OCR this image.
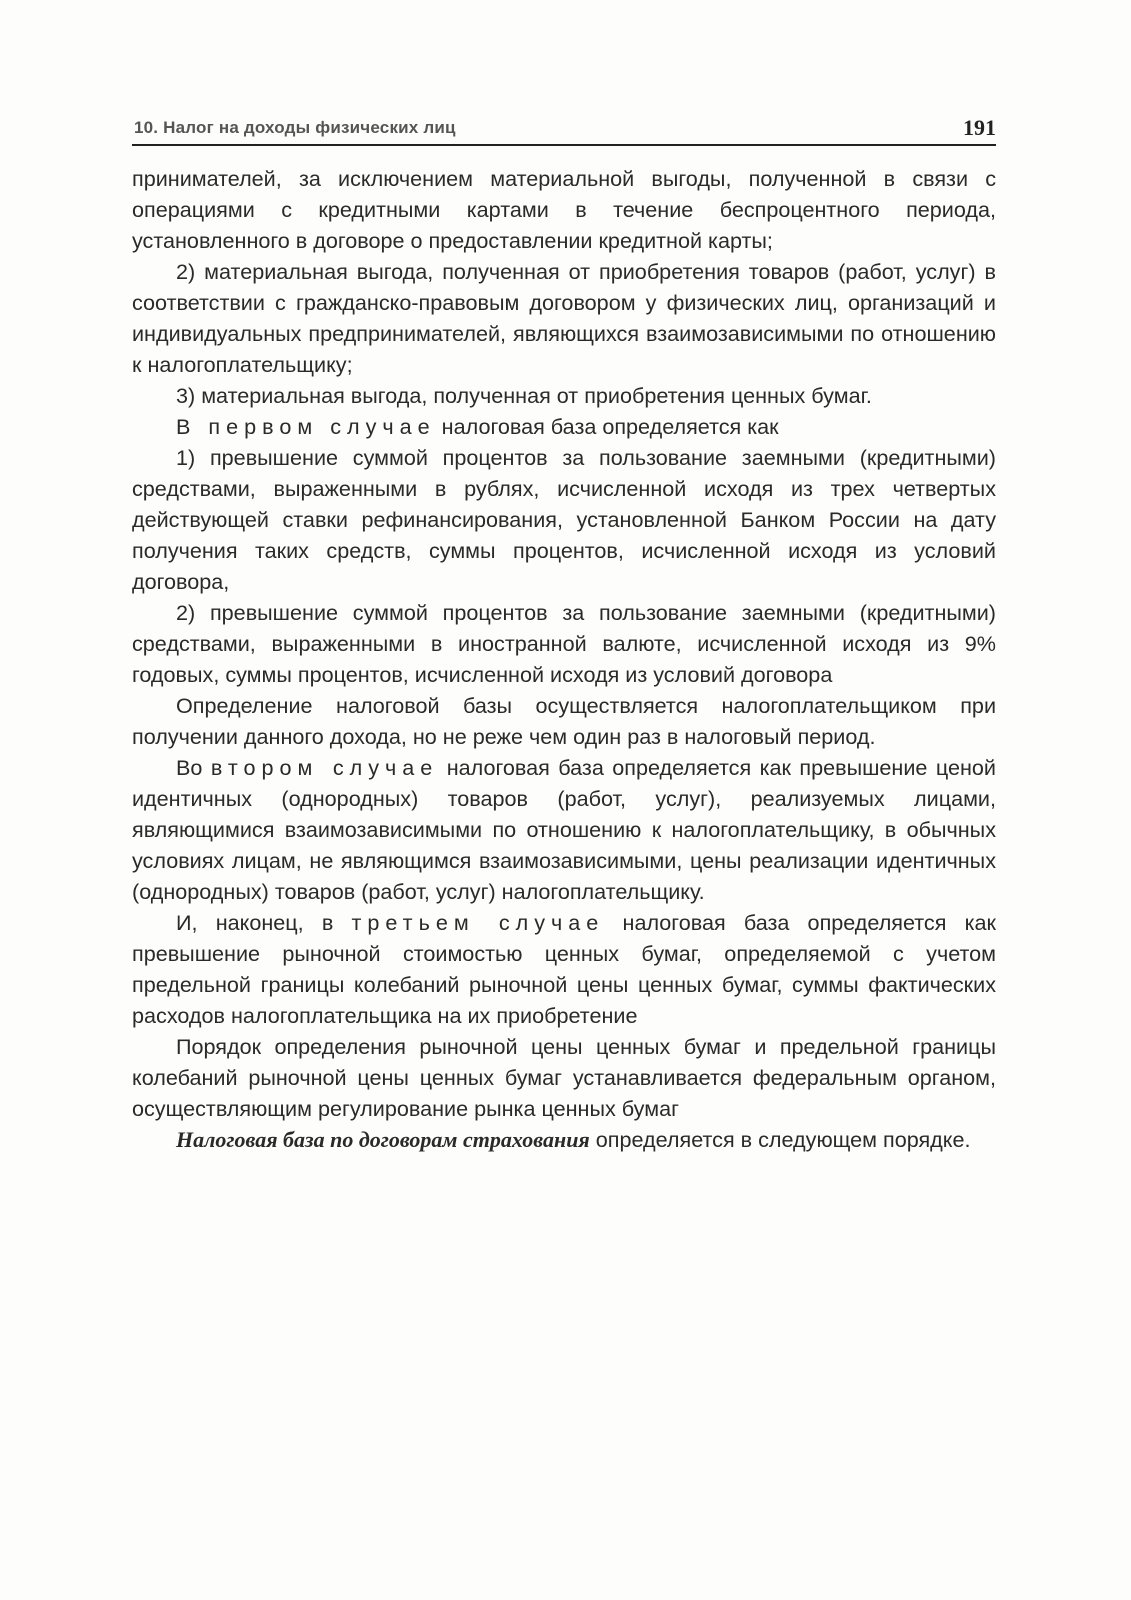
10. Налог на доходы физических лиц	191

принимателей, за исключением материальной выгоды, полученной в связи с операциями с кредитными картами в течение беспроцентного периода, установленного в договоре о предоставлении кредитной карты;

2) материальная выгода, полученная от приобретения товаров (работ, услуг) в соответствии с гражданско-правовым договором у физических лиц, организаций и индивидуальных предпринимателей, являющихся взаимозависимыми по отношению к налогоплательщику;

3) материальная выгода, полученная от приобретения ценных бумаг.

В первом случае налоговая база определяется как

1) превышение суммой процентов за пользование заемными (кредитными) средствами, выраженными в рублях, исчисленной исходя из трех четвертых действующей ставки рефинансирования, установленной Банком России на дату получения таких средств, суммы процентов, исчисленной исходя из условий договора,

2) превышение суммой процентов за пользование заемными (кредитными) средствами, выраженными в иностранной валюте, исчисленной исходя из 9% годовых, суммы процентов, исчисленной исходя из условий договора

Определение налоговой базы осуществляется налогоплательщиком при получении данного дохода, но не реже чем один раз в налоговый период.

Во втором случае налоговая база определяется как превышение ценой идентичных (однородных) товаров (работ, услуг), реализуемых лицами, являющимися взаимозависимыми по отношению к налогоплательщику, в обычных условиях лицам, не являющимся взаимозависимыми, цены реализации идентичных (однородных) товаров (работ, услуг) налогоплательщику.

И, наконец, в третьем случае налоговая база определяется как превышение рыночной стоимостью ценных бумаг, определяемой с учетом предельной границы колебаний рыночной цены ценных бумаг, суммы фактических расходов налогоплательщика на их приобретение

Порядок определения рыночной цены ценных бумаг и предельной границы колебаний рыночной цены ценных бумаг устанавливается федеральным органом, осуществляющим регулирование рынка ценных бумаг

Налоговая база по договорам страхования определяется в следующем порядке.
